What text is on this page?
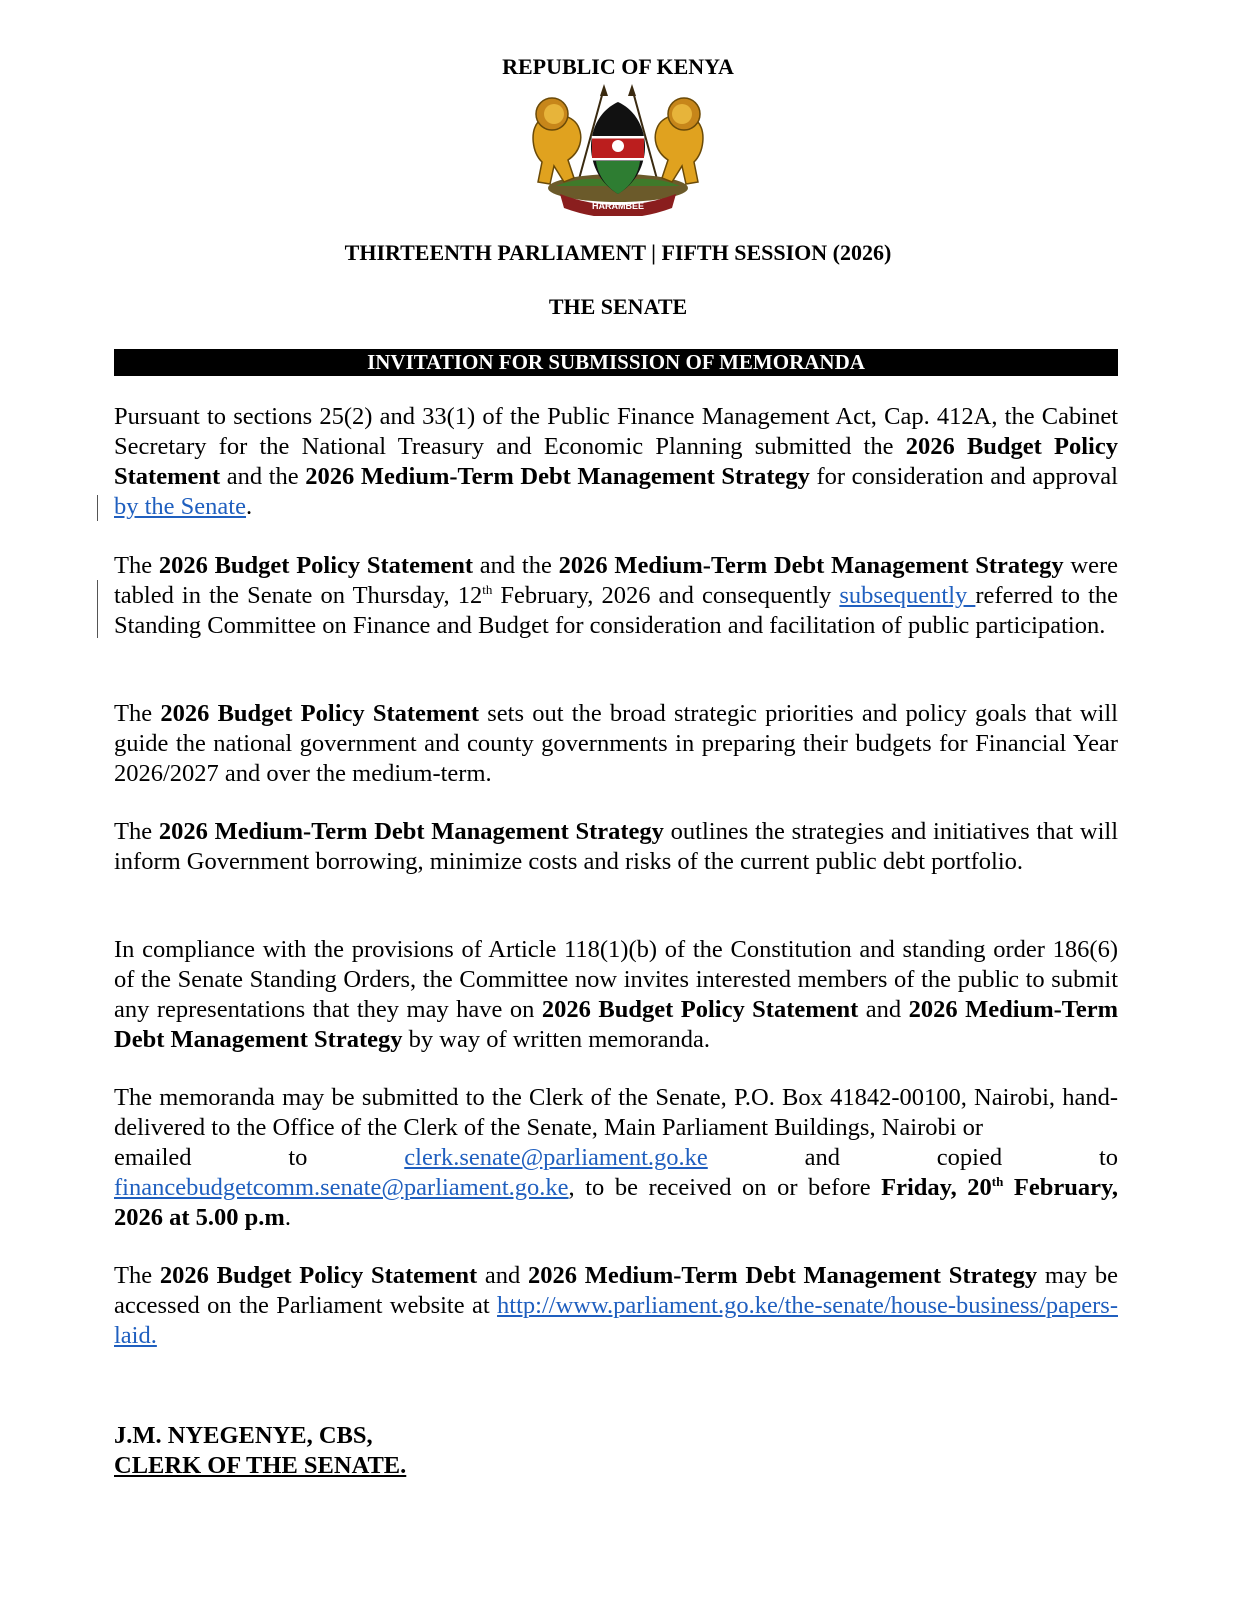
REPUBLIC OF KENYA
HARAMBEE
THIRTEENTH PARLIAMENT | FIFTH SESSION (2026)
THE SENATE
INVITATION FOR SUBMISSION OF MEMORANDA

Pursuant to sections 25(2) and 33(1) of the Public Finance Management Act, Cap. 412A, the Cabinet Secretary for the National Treasury and Economic Planning submitted the 2026 Budget Policy Statement and the 2026 Medium-Term Debt Management Strategy for consideration and approval by the Senate.

The 2026 Budget Policy Statement and the 2026 Medium-Term Debt Management Strategy were tabled in the Senate on Thursday, 12th February, 2026 and consequently subsequently referred to the Standing Committee on Finance and Budget for consideration and facilitation of public participation.

The 2026 Budget Policy Statement sets out the broad strategic priorities and policy goals that will guide the national government and county governments in preparing their budgets for Financial Year 2026/2027 and over the medium-term.

The 2026 Medium-Term Debt Management Strategy outlines the strategies and initiatives that will inform Government borrowing, minimize costs and risks of the current public debt portfolio.

In compliance with the provisions of Article 118(1)(b) of the Constitution and standing order 186(6) of the Senate Standing Orders, the Committee now invites interested members of the public to submit any representations that they may have on 2026 Budget Policy Statement and 2026 Medium-Term Debt Management Strategy by way of written memoranda.

The memoranda may be submitted to the Clerk of the Senate, P.O. Box 41842-00100, Nairobi, hand-delivered to the Office of the Clerk of the Senate, Main Parliament Buildings, Nairobi or
emailed	to	clerk.senate@parliament.go.ke	and	copied	to
financebudgetcomm.senate@parliament.go.ke, to be received on or before Friday, 20th February, 2026 at 5.00 p.m.

The 2026 Budget Policy Statement and 2026 Medium-Term Debt Management Strategy may be accessed on the Parliament website at http://www.parliament.go.ke/the-senate/house-business/papers-laid.

J.M. NYEGENYE, CBS,
CLERK OF THE SENATE.
